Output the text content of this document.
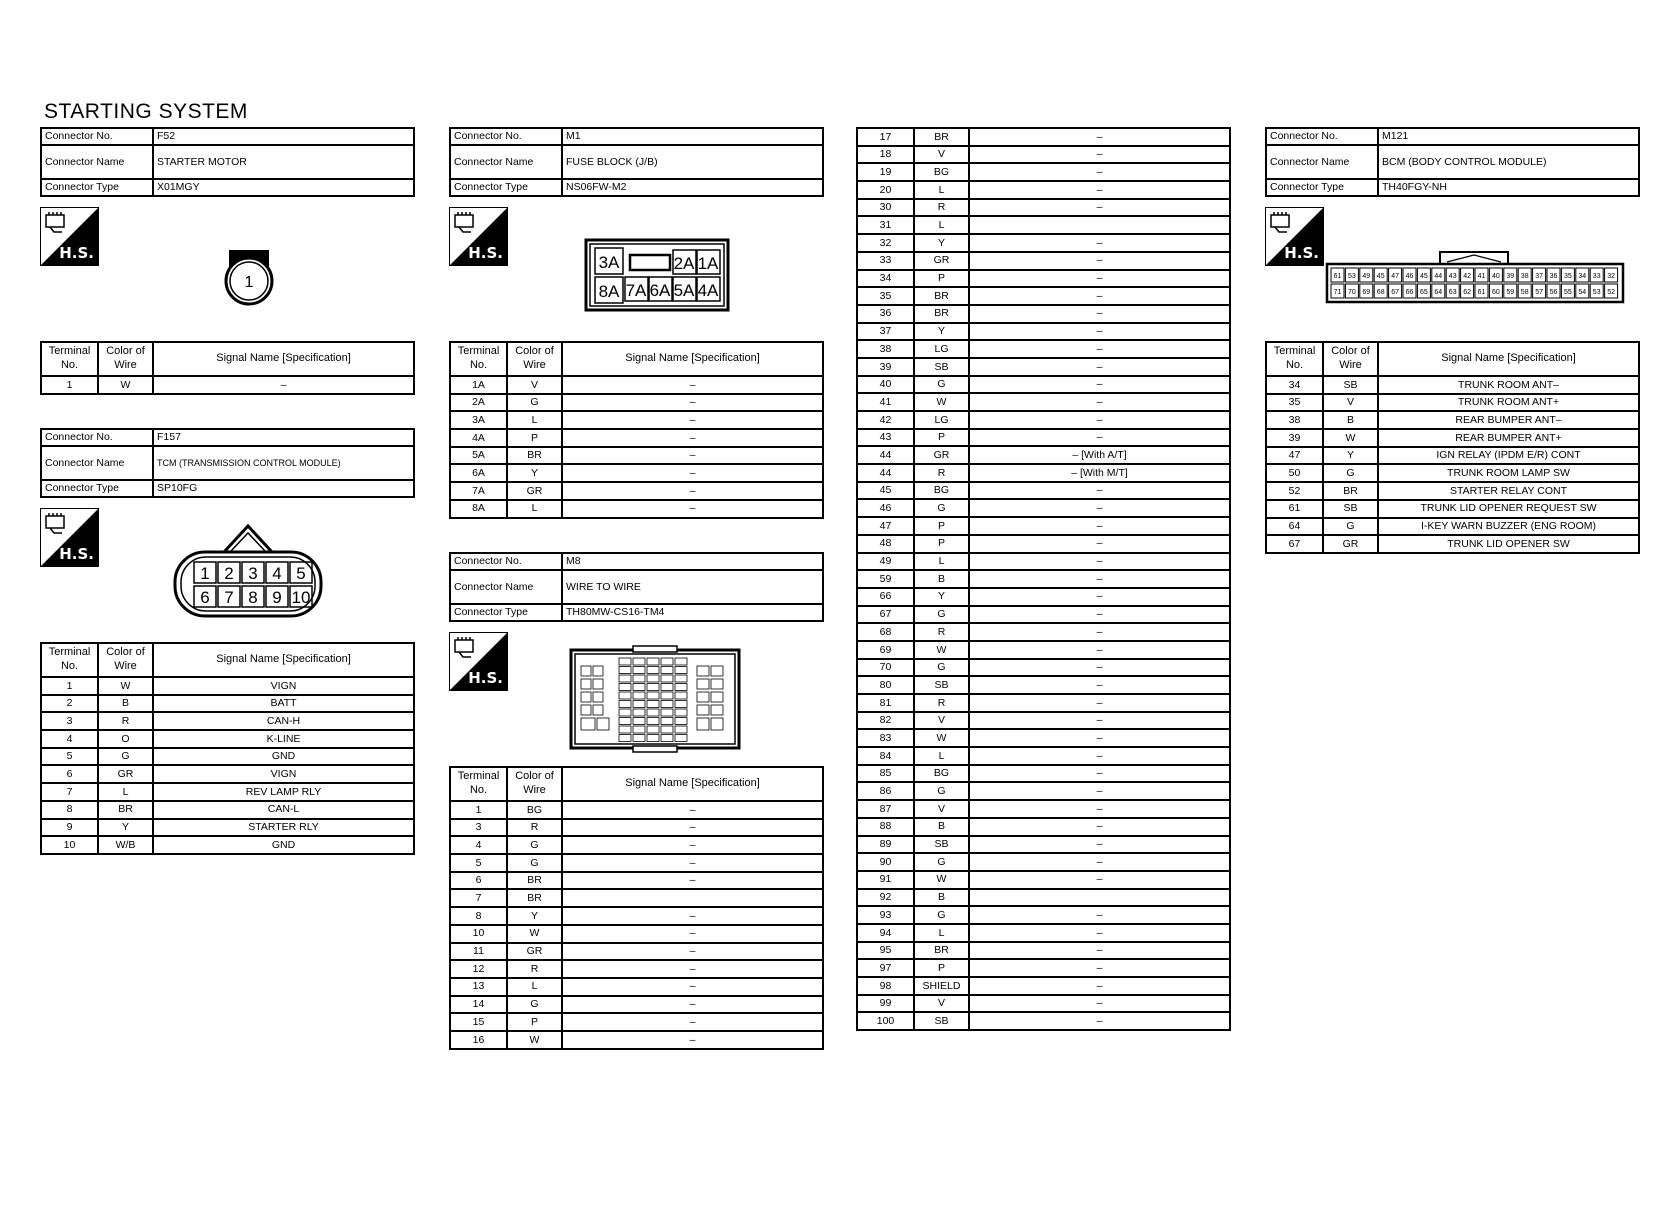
STARTING SYSTEM
Connector No.	F52
Connector Name	STARTER MOTOR
Connector Type	X01MGY
H.S.
1
Terminal No.	Color of Wire	Signal Name [Specification]
1	W	–
Connector No.	F157
Connector Name	TCM (TRANSMISSION CONTROL MODULE)
Connector Type	SP10FG
H.S.
1 2 3 4 5
6 7 8 9 10
Terminal No.	Color of Wire	Signal Name [Specification]
1	W	VIGN
2	B	BATT
3	R	CAN-H
4	O	K-LINE
5	G	GND
6	GR	VIGN
7	L	REV LAMP RLY
8	BR	CAN-L
9	Y	STARTER RLY
10	W/B	GND
Connector No.	M1
Connector Name	FUSE BLOCK (J/B)
Connector Type	NS06FW-M2
H.S.	3A	2A 1A
8A 7A 6A 5A 4A
Terminal No.	Color of Wire	Signal Name [Specification]
1A	V	–
2A	G	–
3A	L	–
4A	P	–
5A	BR	–
6A	Y	–
7A	GR	–
8A	L	–
Connector No.	M8
Connector Name	WIRE TO WIRE
Connector Type	TH80MW-CS16-TM4
H.S.
Terminal No.	Color of Wire	Signal Name [Specification]
1	BG	–
3	R	–
4	G	–
5	G	–
6	BR	–
7	BR	
8	Y	–
10	W	–
11	GR	–
12	R	–
13	L	–
14	G	–
15	P	–
16	W	–
17	BR	–
18	V	–
19	BG	–
20	L	–
30	R	–
31	L	
32	Y	–
33	GR	–
34	P	–
35	BR	–
36	BR	–
37	Y	–
38	LG	–
39	SB	–
40	G	–
41	W	–
42	LG	–
43	P	–
44	GR	– [With A/T]
44	R	– [With M/T]
45	BG	–
46	G	–
47	P	–
48	P	–
49	L	–
59	B	–
66	Y	–
67	G	–
68	R	–
69	W	–
70	G	–
80	SB	–
81	R	–
82	V	–
83	W	–
84	L	–
85	BG	–
86	G	–
87	V	–
88	B	–
89	SB	–
90	G	–
91	W	–
92	B	
93	G	–
94	L	–
95	BR	–
97	P	–
98	SHIELD	–
99	V	–
100	SB	–
Connector No.	M121
Connector Name	BCM (BODY CONTROL MODULE)
Connector Type	TH40FGY-NH
H.S.
61 53 49 45 47 46 45 44 43 42 41 40 39 38 37 36 35 34 33 32
71 70 69 68 67 66 65 64 63 62 61 60 59 58 57 56 55 54 53 52
Terminal No.	Color of Wire	Signal Name [Specification]
34	SB	TRUNK ROOM ANT–
35	V	TRUNK ROOM ANT+
38	B	REAR BUMPER ANT–
39	W	REAR BUMPER ANT+
47	Y	IGN RELAY (IPDM E/R) CONT
50	G	TRUNK ROOM LAMP SW
52	BR	STARTER RELAY CONT
61	SB	TRUNK LID OPENER REQUEST SW
64	G	I-KEY WARN BUZZER (ENG ROOM)
67	GR	TRUNK LID OPENER SW
